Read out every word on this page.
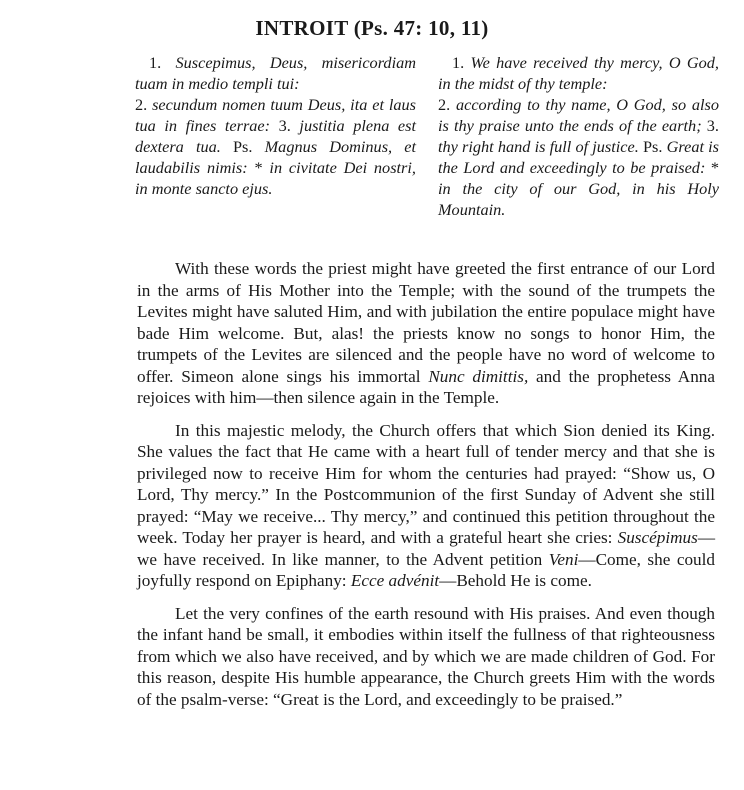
INTROIT (Ps. 47: 10, 11)

1. Suscepimus, Deus, misericordiam tuam in medio templi tui:
2. secundum nomen tuum Deus, ita et laus tua in fines terrae: 3. justitia plena est dextera tua. Ps. Magnus Dominus, et laudabilis nimis: * in civitate Dei nostri, in monte sancto ejus.

1. We have received thy mercy, O God, in the midst of thy temple:
2. according to thy name, O God, so also is thy praise unto the ends of the earth; 3. thy right hand is full of justice. Ps. Great is the Lord and exceedingly to be praised: * in the city of our God, in his Holy Mountain.

With these words the priest might have greeted the first entrance of our Lord in the arms of His Mother into the Temple; with the sound of the trumpets the Levites might have saluted Him, and with jubilation the entire populace might have bade Him welcome. But, alas! the priests know no songs to honor Him, the trumpets of the Levites are silenced and the people have no word of welcome to offer. Simeon alone sings his immortal Nunc dimittis, and the prophetess Anna rejoices with him—then silence again in the Temple.

In this majestic melody, the Church offers that which Sion denied its King. She values the fact that He came with a heart full of tender mercy and that she is privileged now to receive Him for whom the centuries had prayed: “Show us, O Lord, Thy mercy.” In the Postcommunion of the first Sunday of Advent she still prayed: “May we receive... Thy mercy,” and continued this petition throughout the week. Today her prayer is heard, and with a grateful heart she cries: Suscépimus— we have received. In like manner, to the Advent petition Veni—Come, she could joyfully respond on Epiphany: Ecce advénit—Behold He is come.

Let the very confines of the earth resound with His praises. And even though the infant hand be small, it embodies within itself the fullness of that righteousness from which we also have received, and by which we are made children of God. For this reason, despite His humble appearance, the Church greets Him with the words of the psalm-verse: “Great is the Lord, and exceedingly to be praised.”
